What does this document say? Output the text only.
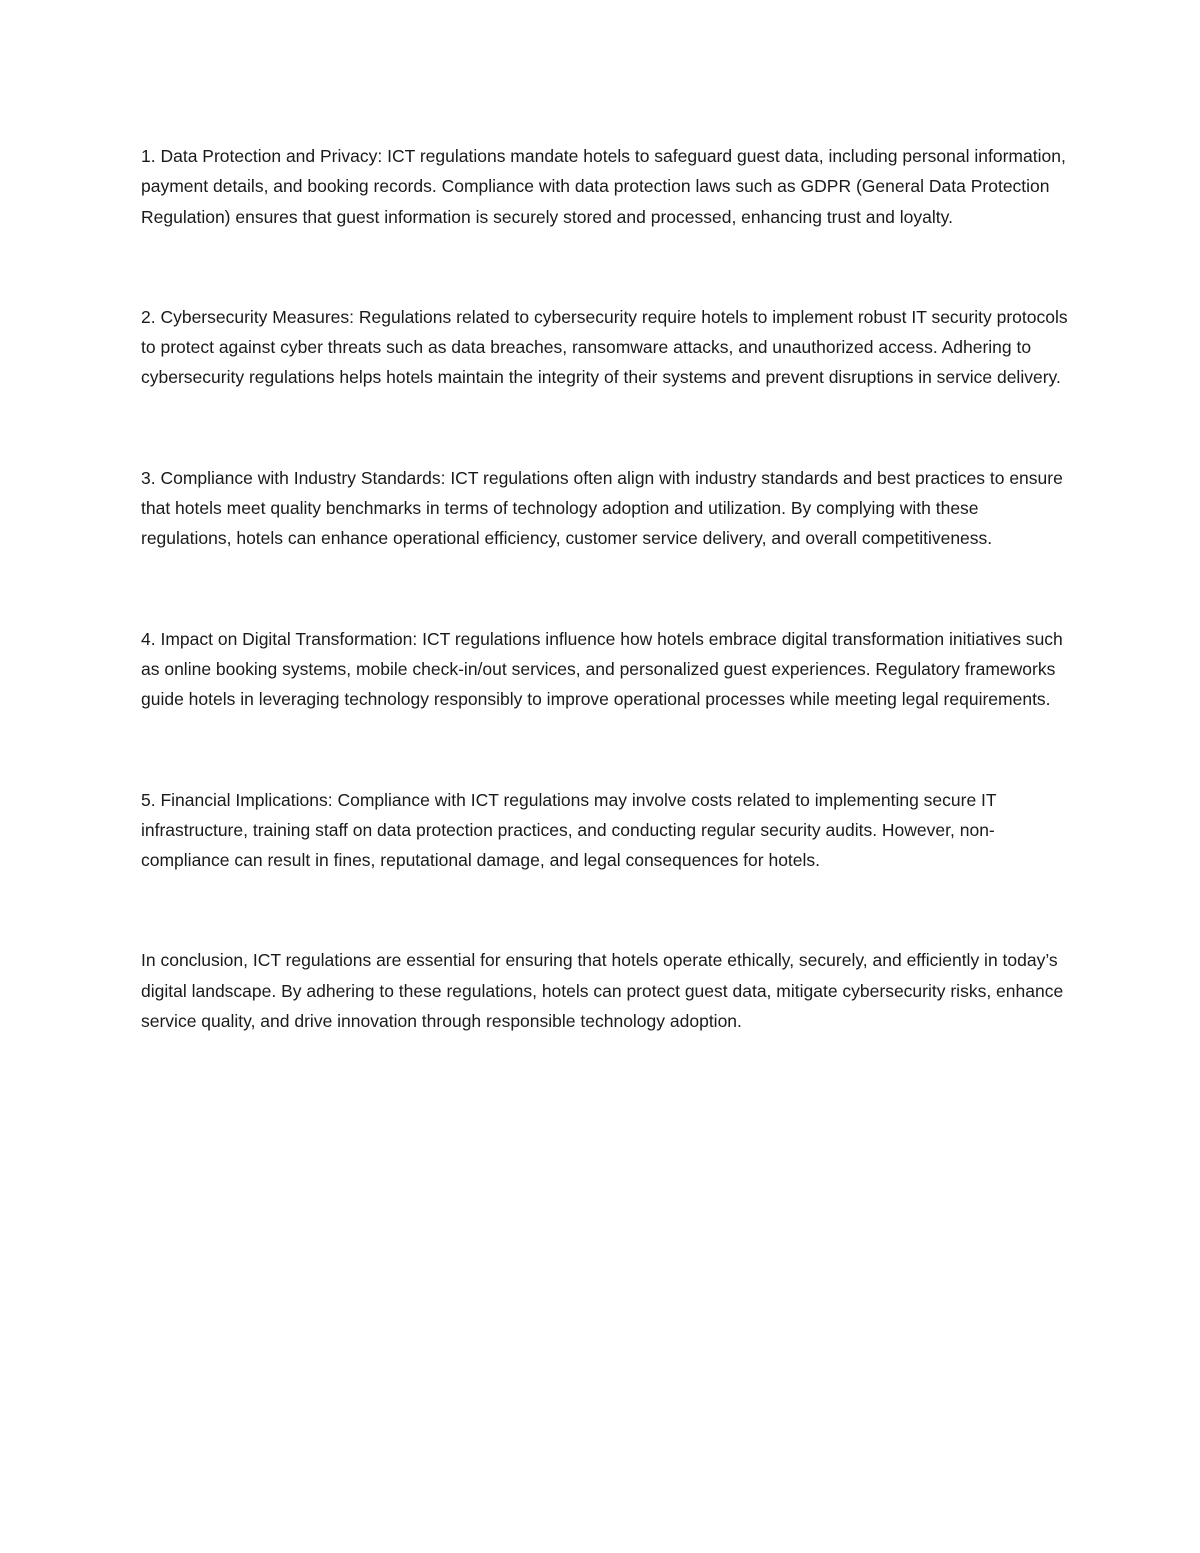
1. Data Protection and Privacy: ICT regulations mandate hotels to safeguard guest data, including personal information, payment details, and booking records. Compliance with data protection laws such as GDPR (General Data Protection Regulation) ensures that guest information is securely stored and processed, enhancing trust and loyalty.

2. Cybersecurity Measures: Regulations related to cybersecurity require hotels to implement robust IT security protocols to protect against cyber threats such as data breaches, ransomware attacks, and unauthorized access. Adhering to cybersecurity regulations helps hotels maintain the integrity of their systems and prevent disruptions in service delivery.

3. Compliance with Industry Standards: ICT regulations often align with industry standards and best practices to ensure that hotels meet quality benchmarks in terms of technology adoption and utilization. By complying with these regulations, hotels can enhance operational efficiency, customer service delivery, and overall competitiveness.

4. Impact on Digital Transformation: ICT regulations influence how hotels embrace digital transformation initiatives such as online booking systems, mobile check-in/out services, and personalized guest experiences. Regulatory frameworks guide hotels in leveraging technology responsibly to improve operational processes while meeting legal requirements.

5. Financial Implications: Compliance with ICT regulations may involve costs related to implementing secure IT infrastructure, training staff on data protection practices, and conducting regular security audits. However, non-compliance can result in fines, reputational damage, and legal consequences for hotels.

In conclusion, ICT regulations are essential for ensuring that hotels operate ethically, securely, and efficiently in today’s digital landscape. By adhering to these regulations, hotels can protect guest data, mitigate cybersecurity risks, enhance service quality, and drive innovation through responsible technology adoption.
